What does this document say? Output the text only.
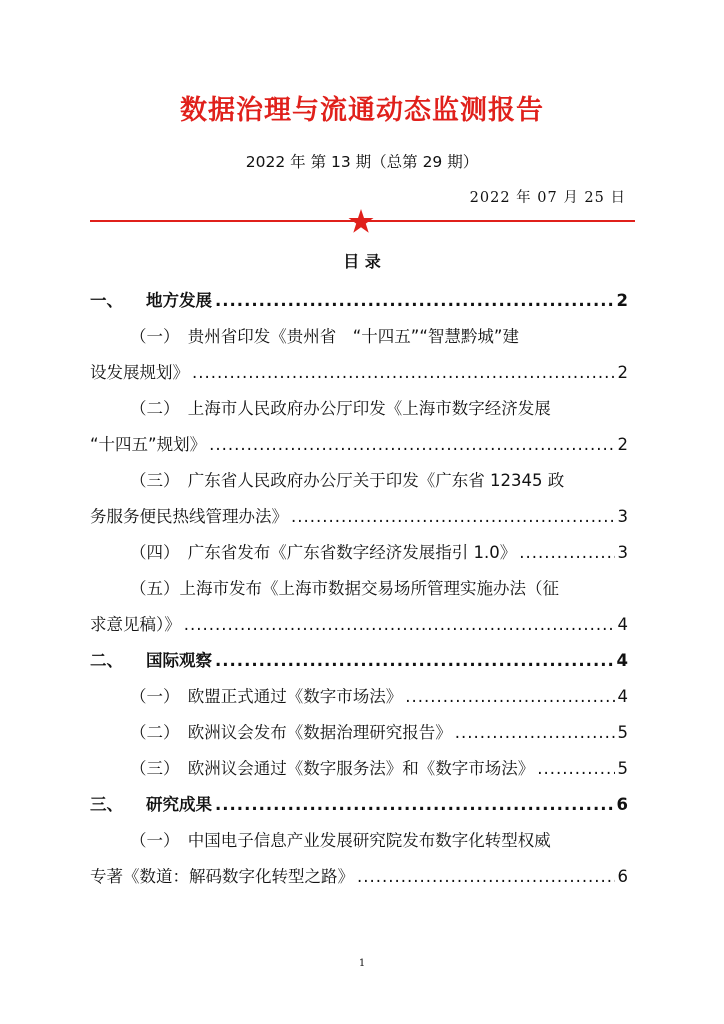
数据治理与流通动态监测报告
2022 年 第 13 期（总第 29 期）
2022 年 07 月 25 日
目 录
一、 地方发展 .....	2
（一）　贵州省印发《贵州省　“十四五”“智慧黔城”建
设发展规划》 .....	2
（二）　上海市人民政府办公厅印发《上海市数字经济发展
“十四五”规划》 .....	2
（三）　广东省人民政府办公厅关于印发《广东省 12345 政
务服务便民热线管理办法》 .....	3
（四）　广东省发布《广东省数字经济发展指引 1.0》 .....	3
（五）上海市发布《上海市数据交易场所管理实施办法（征
求意见稿）》 .....	4
二、 国际观察 .....	4
（一）　欧盟正式通过《数字市场法》 .....	4
（二）　欧洲议会发布《数据治理研究报告》 .....	5
（三）　欧洲议会通过《数字服务法》和《数字市场法》 .....	5
三、 研究成果 .....	6
（一）　中国电子信息产业发展研究院发布数字化转型权威
专著《数道：解码数字化转型之路》 .....	6
1
